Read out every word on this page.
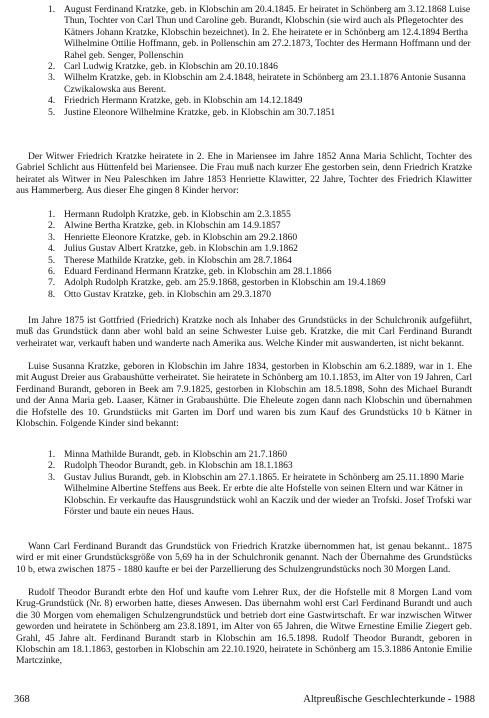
1. August Ferdinand Kratzke, geb. in Klobschin am 20.4.1845. Er heiratet in Schönberg am 3.12.1868 Luise Thun, Tochter von Carl Thun und Caroline geb. Burandt, Klobschin (sie wird auch als Pflegetochter des Kätners Johann Kratzke, Klobschin bezeichnet). In 2. Ehe heiratete er in Schönberg am 12.4.1894 Bertha Wilhelmine Ottilie Hoffmann, geb. in Pollenschin am 27.2.1873, Tochter des Hermann Hoffmann und der Rahel geb. Senger, Pollenschin
2. Carl Ludwig Kratzke, geb. in Klobschin am 20.10.1846
3. Wilhelm Kratzke, geb. in Klobschin am 2.4.1848, heiratete in Schönberg am 23.1.1876 Antonie Susanna Czwikalowska aus Berent.
4. Friedrich Hermann Kratzke, geb. in Klobschin am 14.12.1849
5. Justine Eleonore Wilhelmine Kratzke, geb. in Klobschin am 30.7.1851
Der Witwer Friedrich Kratzke heiratete in 2. Ehe in Mariensee im Jahre 1852 Anna Maria Schlicht, Tochter des Gabriel Schlicht aus Hüttenfeld bei Mariensee. Die Frau muß nach kurzer Ehe gestorben sein, denn Friedrich Kratzke heiratet als Witwer in Neu Paleschken im Jahre 1853 Henriette Klawitter, 22 Jahre, Tochter des Friedrich Klawitter aus Hammerberg. Aus dieser Ehe gingen 8 Kinder hervor:
1. Hermann Rudolph Kratzke, geb. in Klobschin am 2.3.1855
2. Alwine Bertha Kratzke, geb. in Klobschin am 14.9.1857
3. Henriette Eleonore Kratzke, geb. in Klobschin am 29.2.1860
4. Julius Gustav Albert Kratzke, geb. in Klobschin am 1.9.1862
5. Therese Mathilde Kratzke, geb. in Klobschin am 28.7.1864
6. Eduard Ferdinand Hermann Kratzke, geb. in Klobschin am 28.1.1866
7. Adolph Rudolph Kratzke, geb. am 25.9.1868, gestorben in Klobschin am 19.4.1869
8. Otto Gustav Kratzke, geb. in Klobschin am 29.3.1870
Im Jahre 1875 ist Gottfried (Friedrich) Kratzke noch als Inhaber des Grundstücks in der Schulchronik aufgeführt, muß das Grundstück dann aber wohl bald an seine Schwester Luise geb. Kratzke, die mit Carl Ferdinand Burandt verheiratet war, verkauft haben und wanderte nach Amerika aus. Welche Kinder mit auswanderten, ist nicht bekannt.
Luise Susanna Kratzke, geboren in Klobschin im Jahre 1834, gestorben in Klobschin am 6.2.1889, war in 1. Ehe mit August Dreier aus Grabaushütte verheiratet. Sie heiratete in Schönberg am 10.1.1853, im Alter von 19 Jahren, Carl Ferdinand Burandt, geboren in Beek am 7.9.1825, gestorben in Klobschin am 18.5.1898, Sohn des Michael Burandt und der Anna Maria geb. Laaser, Kätner in Grabaushütte. Die Eheleute zogen dann nach Klobschin und übernahmen die Hofstelle des 10. Grundstücks mit Garten im Dorf und waren bis zum Kauf des Grundstücks 10 b Kätner in Klobschin. Folgende Kinder sind bekannt:
1. Minna Mathilde Burandt, geb. in Klobschin am 21.7.1860
2. Rudolph Theodor Burandt, geb. in Klobschin am 18.1.1863
3. Gustav Julius Burandt, geb. in Klobschin am 27.1.1865. Er heiratete in Schönberg am 25.11.1890 Marie Wilhelmine Albertine Steffens aus Beek. Er erbte die alte Hofstelle von seinen Eltern und war Kätner in Klobschin. Er verkaufte das Hausgrundstück wohl an Kaczik und der wieder an Trofski. Josef Trofski war Förster und baute ein neues Haus.
Wann Carl Ferdinand Burandt das Grundstück von Friedrich Kratzke übernommen hat, ist genau bekannt.. 1875 wird er mit einer Grundstücksgröße von 5,69 ha in der Schulchronik genannt. Nach der Übernahme des Grundstücks 10 b, etwa zwischen 1875 - 1880 kaufte er bei der Parzellierung des Schulzengrundstücks noch 30 Morgen Land.
Rudolf Theodor Burandt erbte den Hof und kaufte vom Lehrer Rux, der die Hofstelle mit 8 Morgen Land vom Krug-Grundstück (Nr. 8) erworben hatte, dieses Anwesen. Das übernahm wohl erst Carl Ferdinand Burandt und auch die 30 Morgen vom ehemaligen Schulzengrundstück und betrieb dort eine Gastwirtschaft. Er war inzwischen Witwer geworden und heiratete in Schönberg am 23.8.1891, im Alter von 65 Jahren, die Witwe Ernestine Emilie Ziegert geb. Grahl, 45 Jahre alt. Ferdinand Burandt starb in Klobschin am 16.5.1898. Rudolf Theodor Burandt, geboren in Klobschin am 18.1.1863, gestorben in Klobschin am 22.10.1920, heiratete in Schönberg am 15.3.1886 Antonie Emilie Martczinke,
368	Altpreußische Geschlechterkunde - 1988
